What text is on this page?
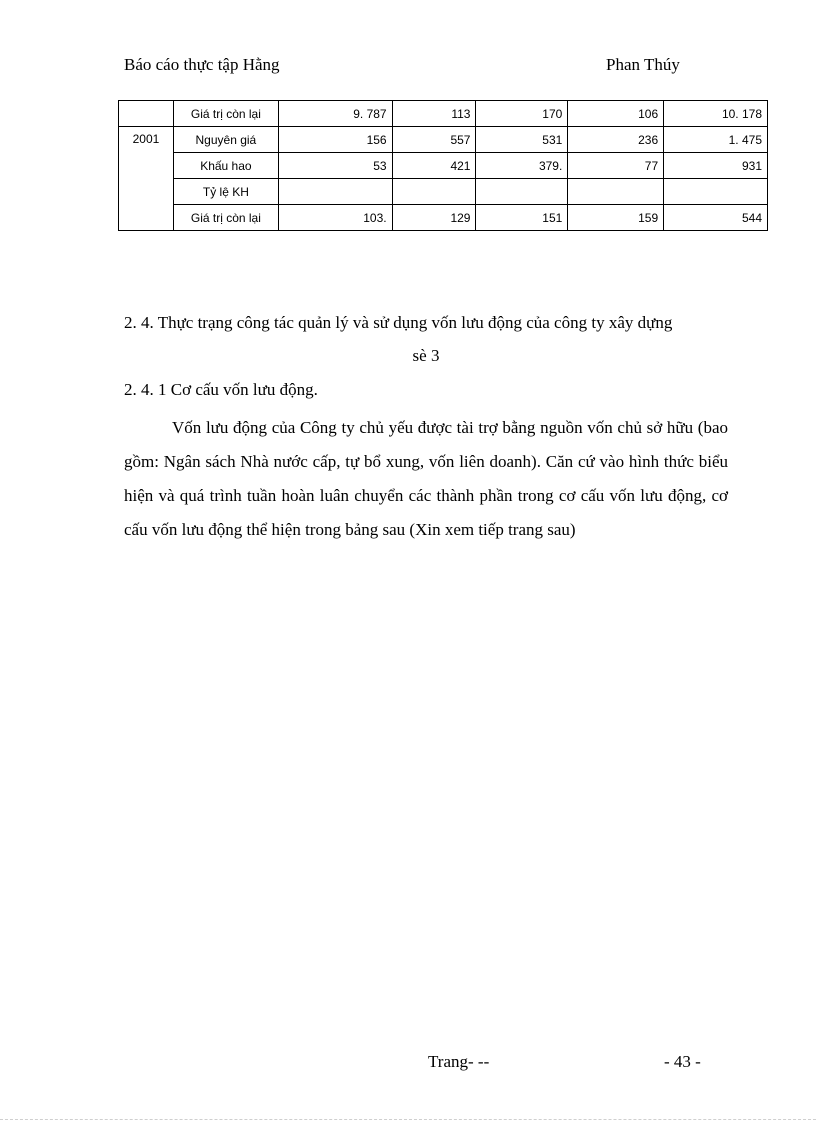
Báo cáo thực tập Hằng	Phan Thúy
	Giá trị còn lại	9. 787	113	170	106	10. 178
2001	Nguyên giá	156	557	531	236	1. 475
	Khấu hao	53	421	379.	77	931
	Tỷ lệ KH					
	Giá trị còn lại	103.	129	151	159	544
2. 4. Thực trạng công tác quản lý và sử dụng vốn lưu động của công ty xây dựng
sè 3
2. 4. 1 Cơ cấu vốn lưu động.

Vốn lưu động của Công ty chủ yếu được tài trợ bằng nguồn vốn chủ sở hữu (bao gồm: Ngân sách Nhà nước cấp, tự bổ xung, vốn liên doanh). Căn cứ vào hình thức biểu hiện và quá trình tuần hoàn luân chuyển các thành phần trong cơ cấu vốn lưu động, cơ cấu vốn lưu động thể hiện trong bảng sau (Xin xem tiếp trang sau)

Trang- --	- 43 -
